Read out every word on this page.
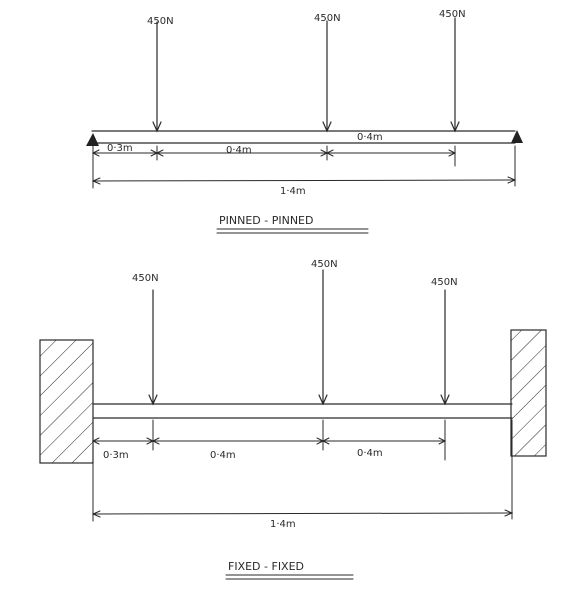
450N	450N	450N
0·3m	0·4m
0·4m
1·4m
PINNED - PINNED
450N
450N
450N
0·3m	0·4m	0·4m
1·4m
FIXED - FIXED
